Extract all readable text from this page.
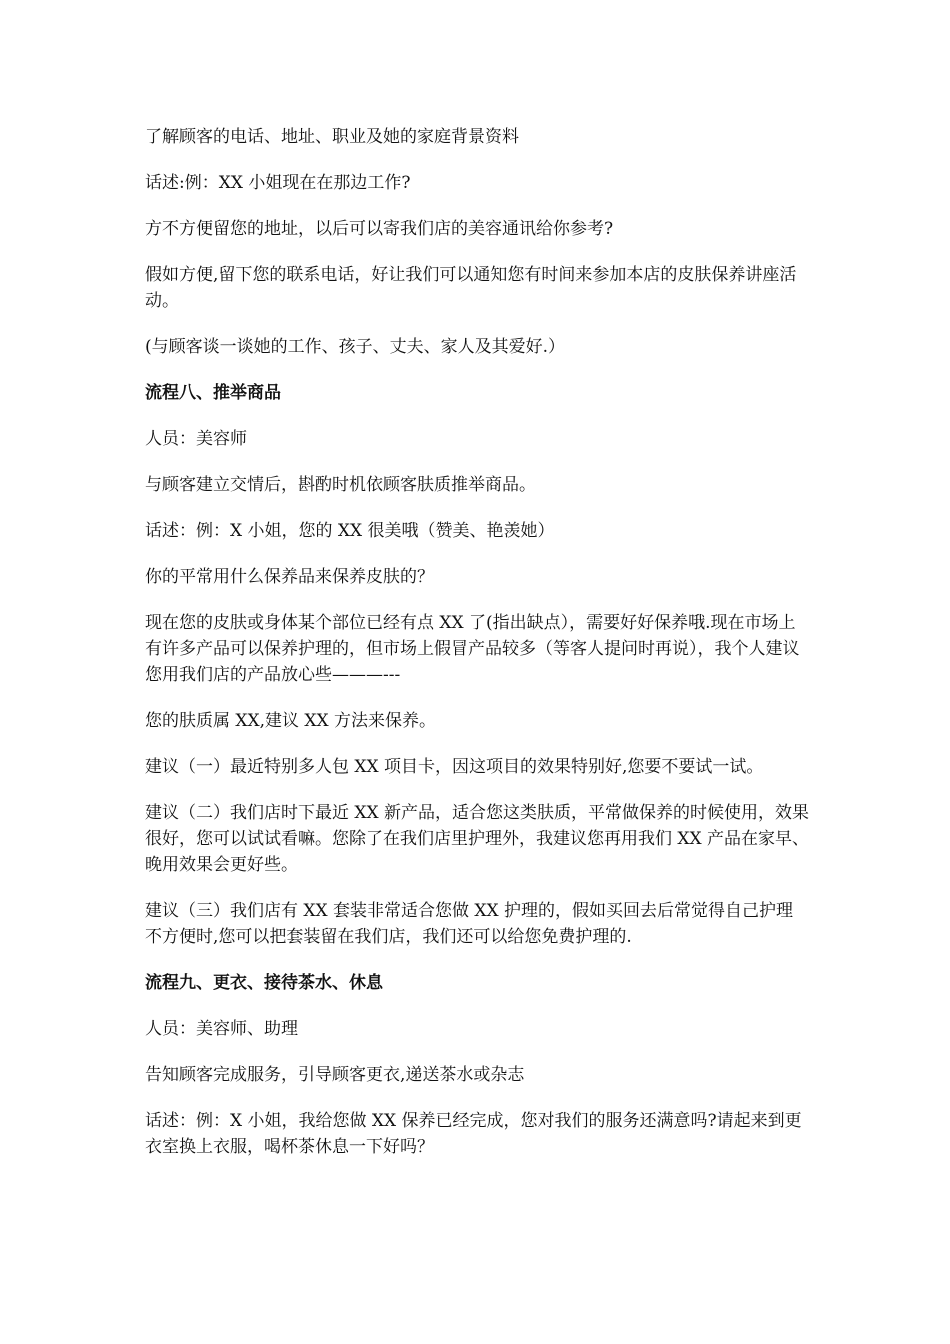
了解顾客的电话、地址、职业及她的家庭背景资料

话述:例：XX 小姐现在在那边工作?

方不方便留您的地址，以后可以寄我们店的美容通讯给你参考?

假如方便,留下您的联系电话，好让我们可以通知您有时间来参加本店的皮肤保养讲座活动。

(与顾客谈一谈她的工作、孩子、丈夫、家人及其爱好.）

流程八、推举商品

人员：美容师

与顾客建立交情后，斟酌时机依顾客肤质推举商品。

话述：例：X 小姐，您的 XX 很美哦（赞美、艳羡她）

你的平常用什么保养品来保养皮肤的？

现在您的皮肤或身体某个部位已经有点 XX 了(指出缺点），需要好好保养哦.现在市场上有许多产品可以保养护理的，但市场上假冒产品较多（等客人提问时再说），我个人建议您用我们店的产品放心些———---

您的肤质属 XX,建议 XX 方法来保养。

建议（一）最近特别多人包 XX 项目卡，因这项目的效果特别好,您要不要试一试。

建议（二）我们店时下最近 XX 新产品，适合您这类肤质，平常做保养的时候使用，效果很好，您可以试试看嘛。您除了在我们店里护理外，我建议您再用我们 XX 产品在家早、晚用效果会更好些。

建议（三）我们店有 XX 套装非常适合您做 XX 护理的，假如买回去后常觉得自己护理不方便时,您可以把套装留在我们店，我们还可以给您免费护理的.

流程九、更衣、接待茶水、休息

人员：美容师、助理

告知顾客完成服务，引导顾客更衣,递送茶水或杂志

话述：例：X 小姐，我给您做 XX 保养已经完成，您对我们的服务还满意吗?请起来到更衣室换上衣服，喝杯茶休息一下好吗？
